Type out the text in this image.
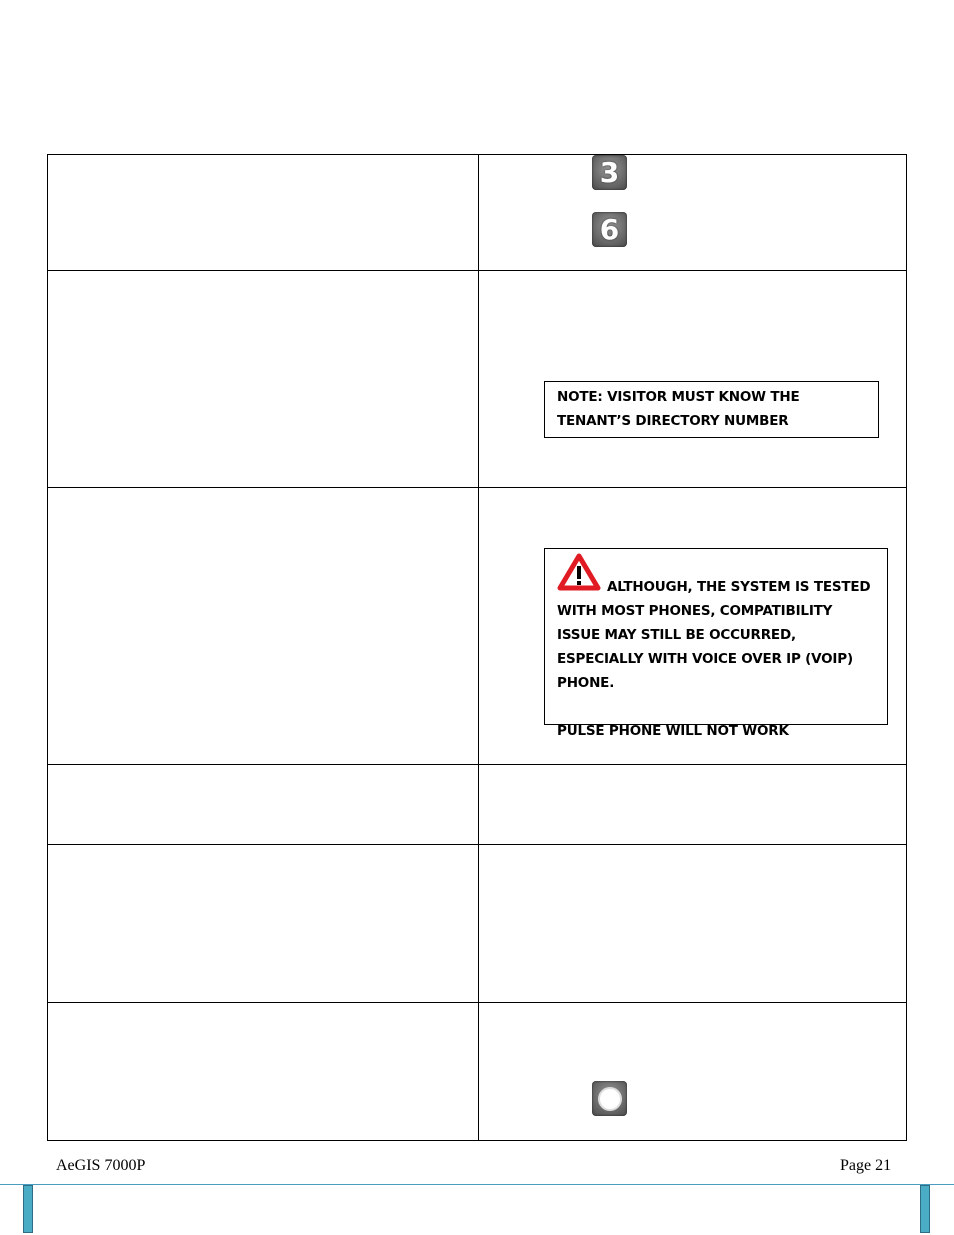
3
6
NOTE: VISITOR MUST KNOW THE TENANT’S DIRECTORY NUMBER
ALTHOUGH, THE SYSTEM IS TESTED WITH MOST PHONES, COMPATIBILITY ISSUE MAY STILL BE OCCURRED, ESPECIALLY WITH VOICE OVER IP (VOIP) PHONE.
PULSE PHONE WILL NOT WORK
AeGIS 7000P	Page 21
